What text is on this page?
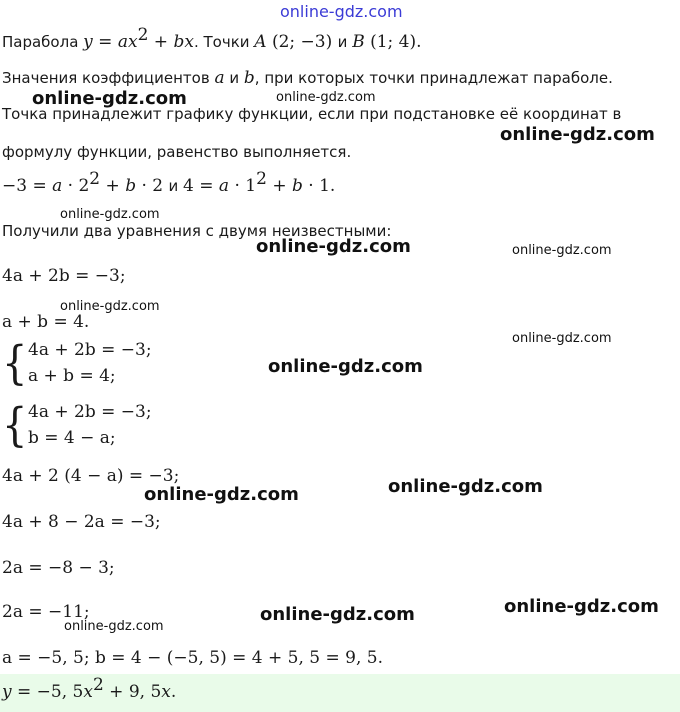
online-gdz.com
Парабола $y = ax^2$ + bx. Точки A (2; −3) и B (1; 4).
Значения коэффициентов a и b, при которых точки принадлежат параболе.
Точка принадлежит графику функции, если при подстановке её координат в
формулу функции, равенство выполняется.
$-3 = a \cdot 2^2 + b \cdot 2$ и $4 = a \cdot 1^2 + b \cdot 1$.
Получили два уравнения с двумя неизвестными:
4a + 2b = −3;
a + b = 4.
{ 4a + 2b = −3;
a + b = 4;
{ 4a + 2b = −3;
b = 4 − a;
4a + 2 (4 − a) = −3;
4a + 8 − 2a = −3;
2a = −8 − 3;
2a = −11;
a = −5, 5; b = 4 − (−5, 5) = 4 + 5, 5 = 9, 5.
y = −5, $5x^2 + 9$, 5x.
online-gdz.com	online-gdz.com
online-gdz.com
online-gdz.com
online-gdz.com	online-gdz.com
online-gdz.com
online-gdz.com
online-gdz.com
online-gdz.com
online-gdz.com
online-gdz.com
online-gdz.com
online-gdz.com
